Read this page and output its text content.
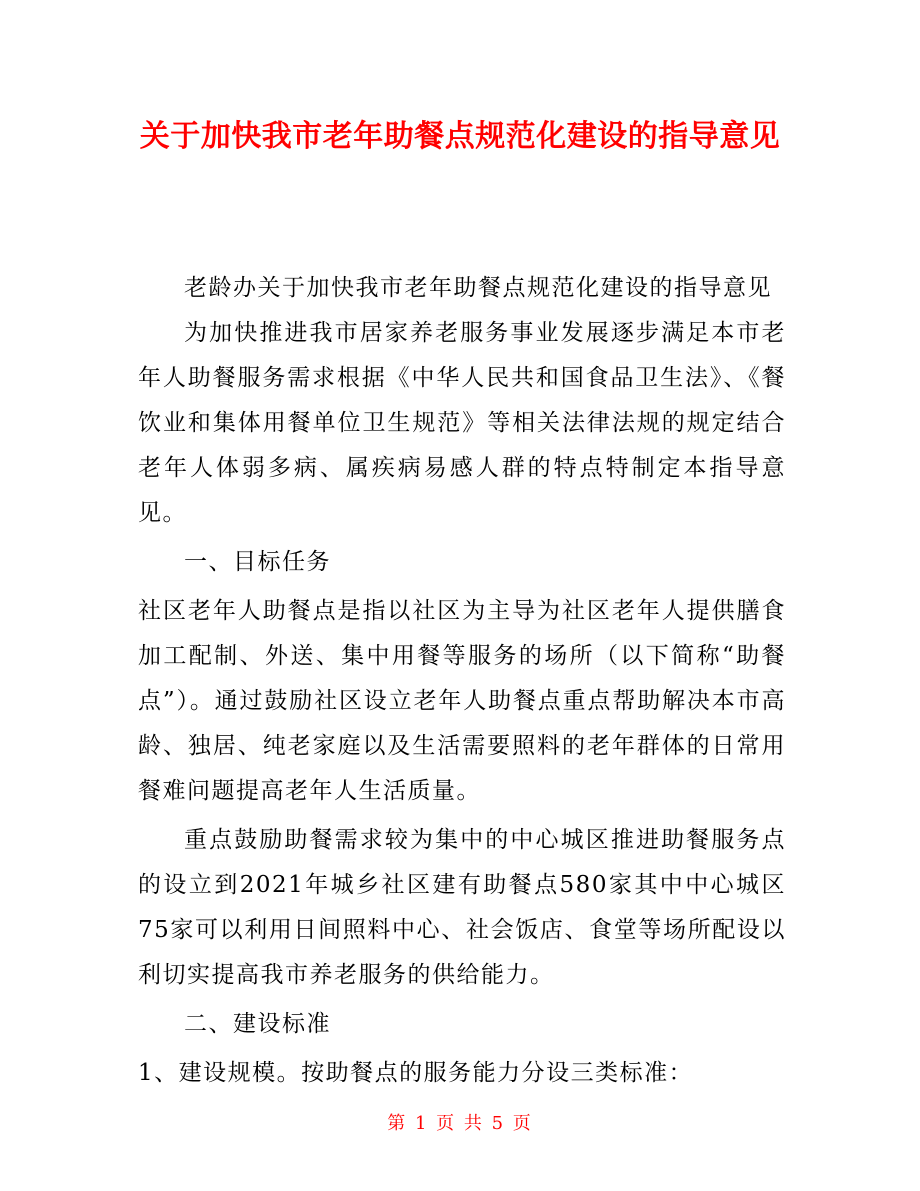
关于加快我市老年助餐点规范化建设的指导意见

老龄办关于加快我市老年助餐点规范化建设的指导意见

为加快推进我市居家养老服务事业发展逐步满足本市老年人助餐服务需求根据《中华人民共和国食品卫生法》、《餐饮业和集体用餐单位卫生规范》等相关法律法规的规定结合老年人体弱多病、属疾病易感人群的特点特制定本指导意见。

一、目标任务

社区老年人助餐点是指以社区为主导为社区老年人提供膳食加工配制、外送、集中用餐等服务的场所（以下简称“助餐点”）。通过鼓励社区设立老年人助餐点重点帮助解决本市高龄、独居、纯老家庭以及生活需要照料的老年群体的日常用餐难问题提高老年人生活质量。

重点鼓励助餐需求较为集中的中心城区推进助餐服务点的设立到2021年城乡社区建有助餐点580家其中中心城区75家可以利用日间照料中心、社会饭店、食堂等场所配设以利切实提高我市养老服务的供给能力。

二、建设标准

1、建设规模。按助餐点的服务能力分设三类标准：

第 1 页 共 5 页
